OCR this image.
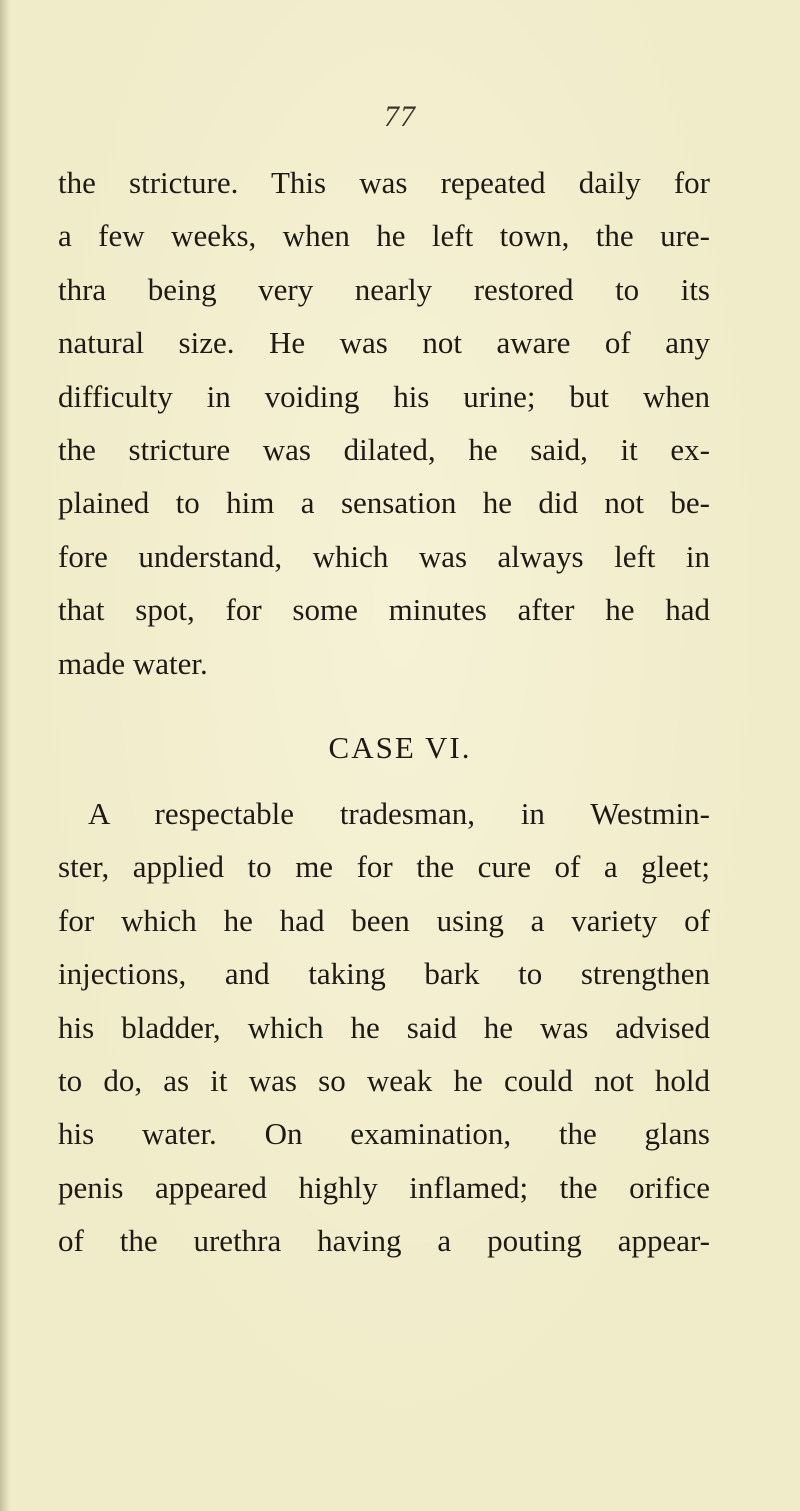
77
the stricture. This was repeated daily for
a few weeks, when he left town, the ure-
thra being very nearly restored to its
natural size. He was not aware of any
difficulty in voiding his urine; but when
the stricture was dilated, he said, it ex-
plained to him a sensation he did not be-
fore understand, which was always left in
that spot, for some minutes after he had
made water.
CASE VI.
A respectable tradesman, in Westmin-
ster, applied to me for the cure of a gleet;
for which he had been using a variety of
injections, and taking bark to strengthen
his bladder, which he said he was advised
to do, as it was so weak he could not hold
his water. On examination, the glans
penis appeared highly inflamed; the orifice
of the urethra having a pouting appear-
